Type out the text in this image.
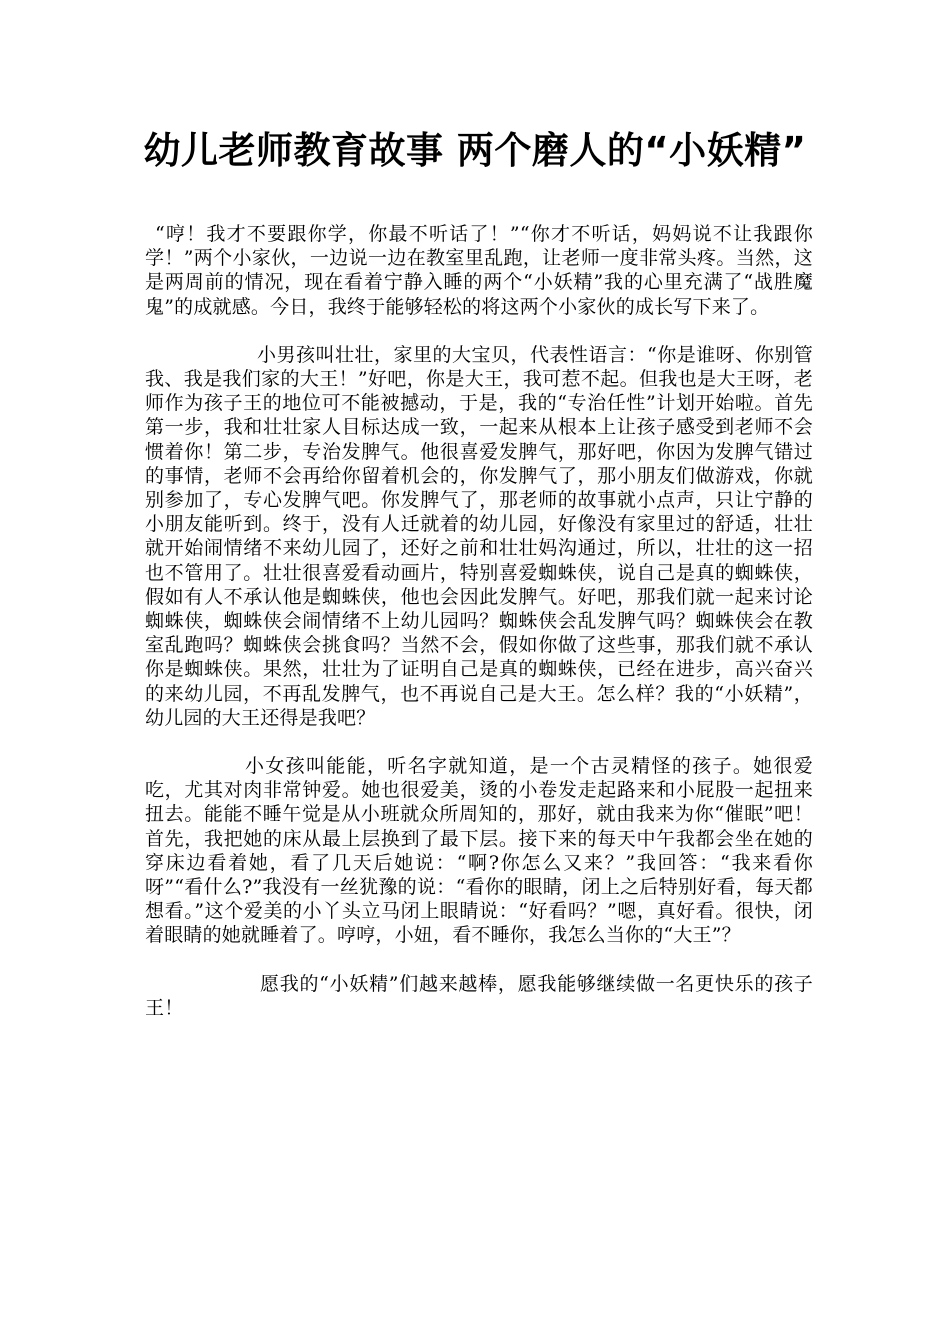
幼儿老师教育故事 两个磨人的“小妖精”

“哼！我才不要跟你学，你最不听话了！”“你才不听话，妈妈说不让我跟你学！”两个小家伙，一边说一边在教室里乱跑，让老师一度非常头疼。当然，这是两周前的情况，现在看着宁静入睡的两个“小妖精”我的心里充满了“战胜魔鬼”的成就感。今日，我终于能够轻松的将这两个小家伙的成长写下来了。

小男孩叫壮壮，家里的大宝贝，代表性语言：“你是谁呀、你别管我、我是我们家的大王！”好吧，你是大王，我可惹不起。但我也是大王呀，老师作为孩子王的地位可不能被撼动，于是，我的“专治任性”计划开始啦。首先第一步，我和壮壮家人目标达成一致，一起来从根本上让孩子感受到老师不会惯着你！第二步，专治发脾气。他很喜爱发脾气，那好吧，你因为发脾气错过的事情，老师不会再给你留着机会的，你发脾气了，那小朋友们做游戏，你就别参加了，专心发脾气吧。你发脾气了，那老师的故事就小点声，只让宁静的小朋友能听到。终于，没有人迁就着的幼儿园，好像没有家里过的舒适，壮壮就开始闹情绪不来幼儿园了，还好之前和壮壮妈沟通过，所以，壮壮的这一招也不管用了。壮壮很喜爱看动画片，特别喜爱蜘蛛侠，说自己是真的蜘蛛侠，假如有人不承认他是蜘蛛侠，他也会因此发脾气。好吧，那我们就一起来讨论蜘蛛侠，蜘蛛侠会闹情绪不上幼儿园吗？蜘蛛侠会乱发脾气吗？蜘蛛侠会在教室乱跑吗？蜘蛛侠会挑食吗？当然不会，假如你做了这些事，那我们就不承认你是蜘蛛侠。果然，壮壮为了证明自己是真的蜘蛛侠，已经在进步，高兴奋兴的来幼儿园，不再乱发脾气，也不再说自己是大王。怎么样？我的“小妖精”，幼儿园的大王还得是我吧？

小女孩叫能能，听名字就知道，是一个古灵精怪的孩子。她很爱吃，尤其对肉非常钟爱。她也很爱美，烫的小卷发走起路来和小屁股一起扭来扭去。能能不睡午觉是从小班就众所周知的，那好，就由我来为你“催眠”吧！首先，我把她的床从最上层换到了最下层。接下来的每天中午我都会坐在她的穿床边看着她，看了几天后她说：“啊?你怎么又来？”我回答：“我来看你呀”“看什么?”我没有一丝犹豫的说：“看你的眼睛，闭上之后特别好看，每天都想看。”这个爱美的小丫头立马闭上眼睛说：“好看吗？”嗯，真好看。很快，闭着眼睛的她就睡着了。哼哼，小妞，看不睡你，我怎么当你的“大王”？

愿我的“小妖精”们越来越棒，愿我能够继续做一名更快乐的孩子王！
